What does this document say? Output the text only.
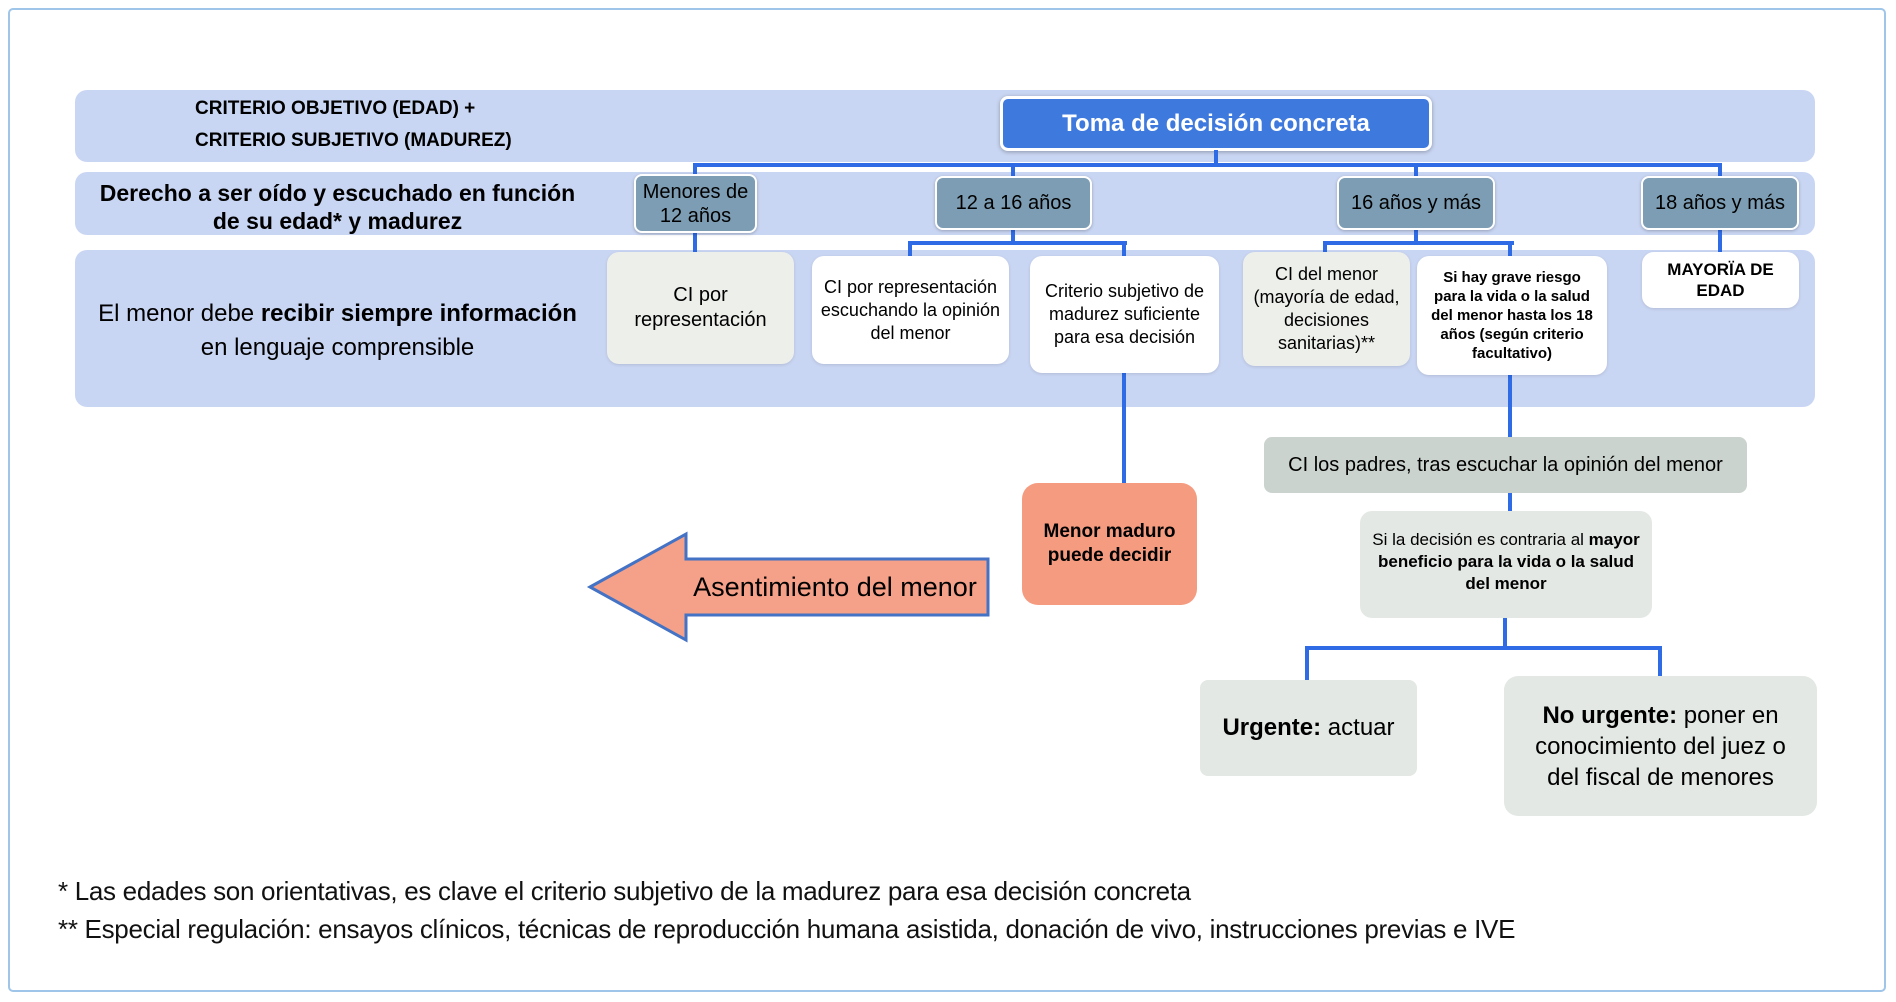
CRITERIO OBJETIVO (EDAD) +
CRITERIO SUBJETIVO (MADUREZ)
Toma de decisión concreta
Derecho a ser oído y escuchado en función de su edad* y madurez
Menores de 12 años
12 a 16 años	16 años y más	18 años y más
El menor debe recibir siempre información en lenguaje comprensible
CI por representación
CI por representación escuchando la opinión del menor
Criterio subjetivo de madurez suficiente para esa decisión
CI del menor (mayoría de edad, decisiones sanitarias)**
Si hay grave riesgo para la vida o la salud del menor hasta los 18 años (según criterio facultativo)
MAYORÏA DE EDAD
Asentimiento del menor
Menor maduro puede decidir
CI los padres, tras escuchar la opinión del menor
Si la decisión es contraria al mayor beneficio para la vida o la salud del menor
Urgente: actuar	No urgente: poner en conocimiento del juez o del fiscal de menores
* Las edades son orientativas, es clave el criterio subjetivo de la madurez para esa decisión concreta
** Especial regulación: ensayos clínicos, técnicas de reproducción humana asistida, donación de vivo, instrucciones previas e IVE
